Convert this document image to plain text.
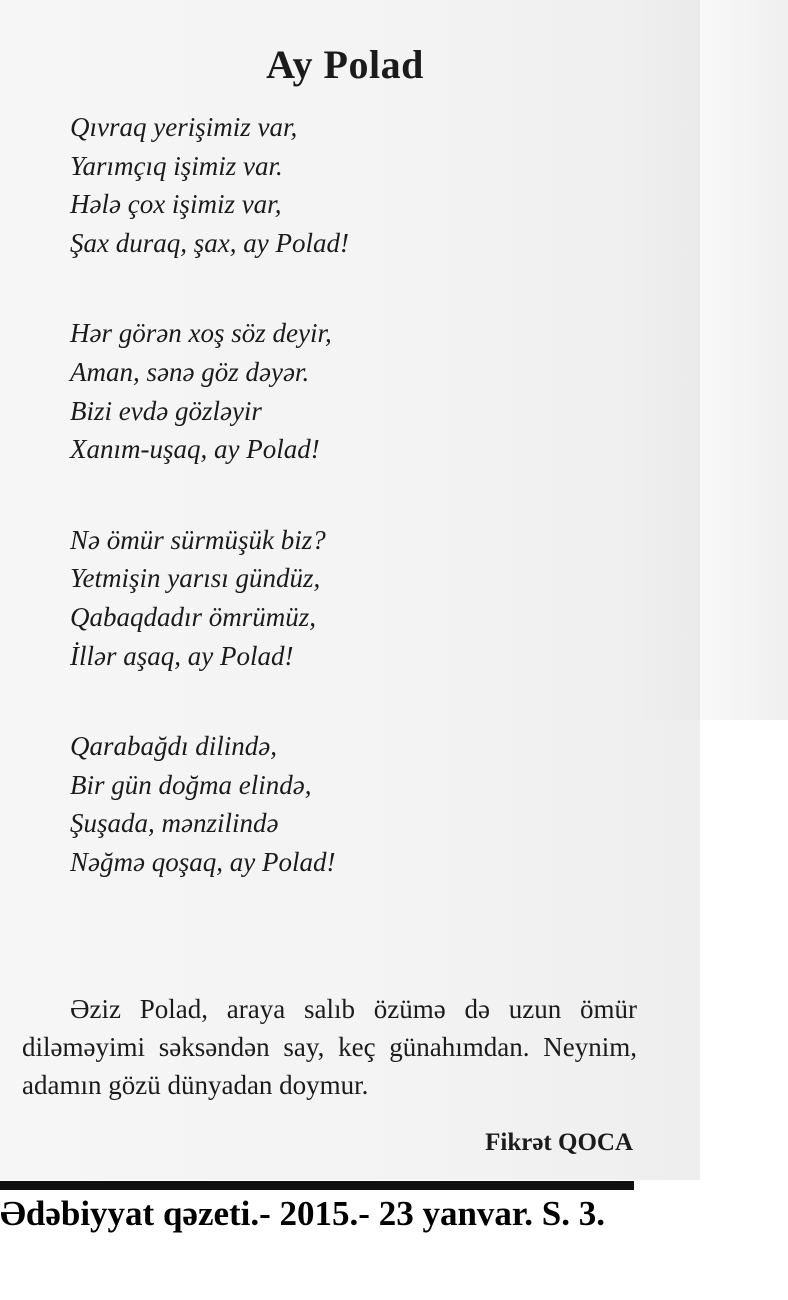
Ay Polad
Qıvraq yerişimiz var,
Yarımçıq işimiz var.
Hələ çox işimiz var,
Şax duraq, şax, ay Polad!
Hər görən xoş söz deyir,
Aman, sənə göz dəyər.
Bizi evdə gözləyir
Xanım-uşaq, ay Polad!
Nə ömür sürmüşük biz?
Yetmişin yarısı gündüz,
Qabaqdadır ömrümüz,
İllər aşaq, ay Polad!
Qarabağdı dilində,
Bir gün doğma elində,
Şuşada, mənzilində
Nəğmə qoşaq, ay Polad!

Əziz Polad, araya salıb özümə də uzun ömür diləməyimi səksəndən say, keç günahımdan. Neynim, adamın gözü dünyadan doymur.

Fikrət QOCA
Ədəbiyyat qəzeti.- 2015.- 23 yanvar. S. 3.
